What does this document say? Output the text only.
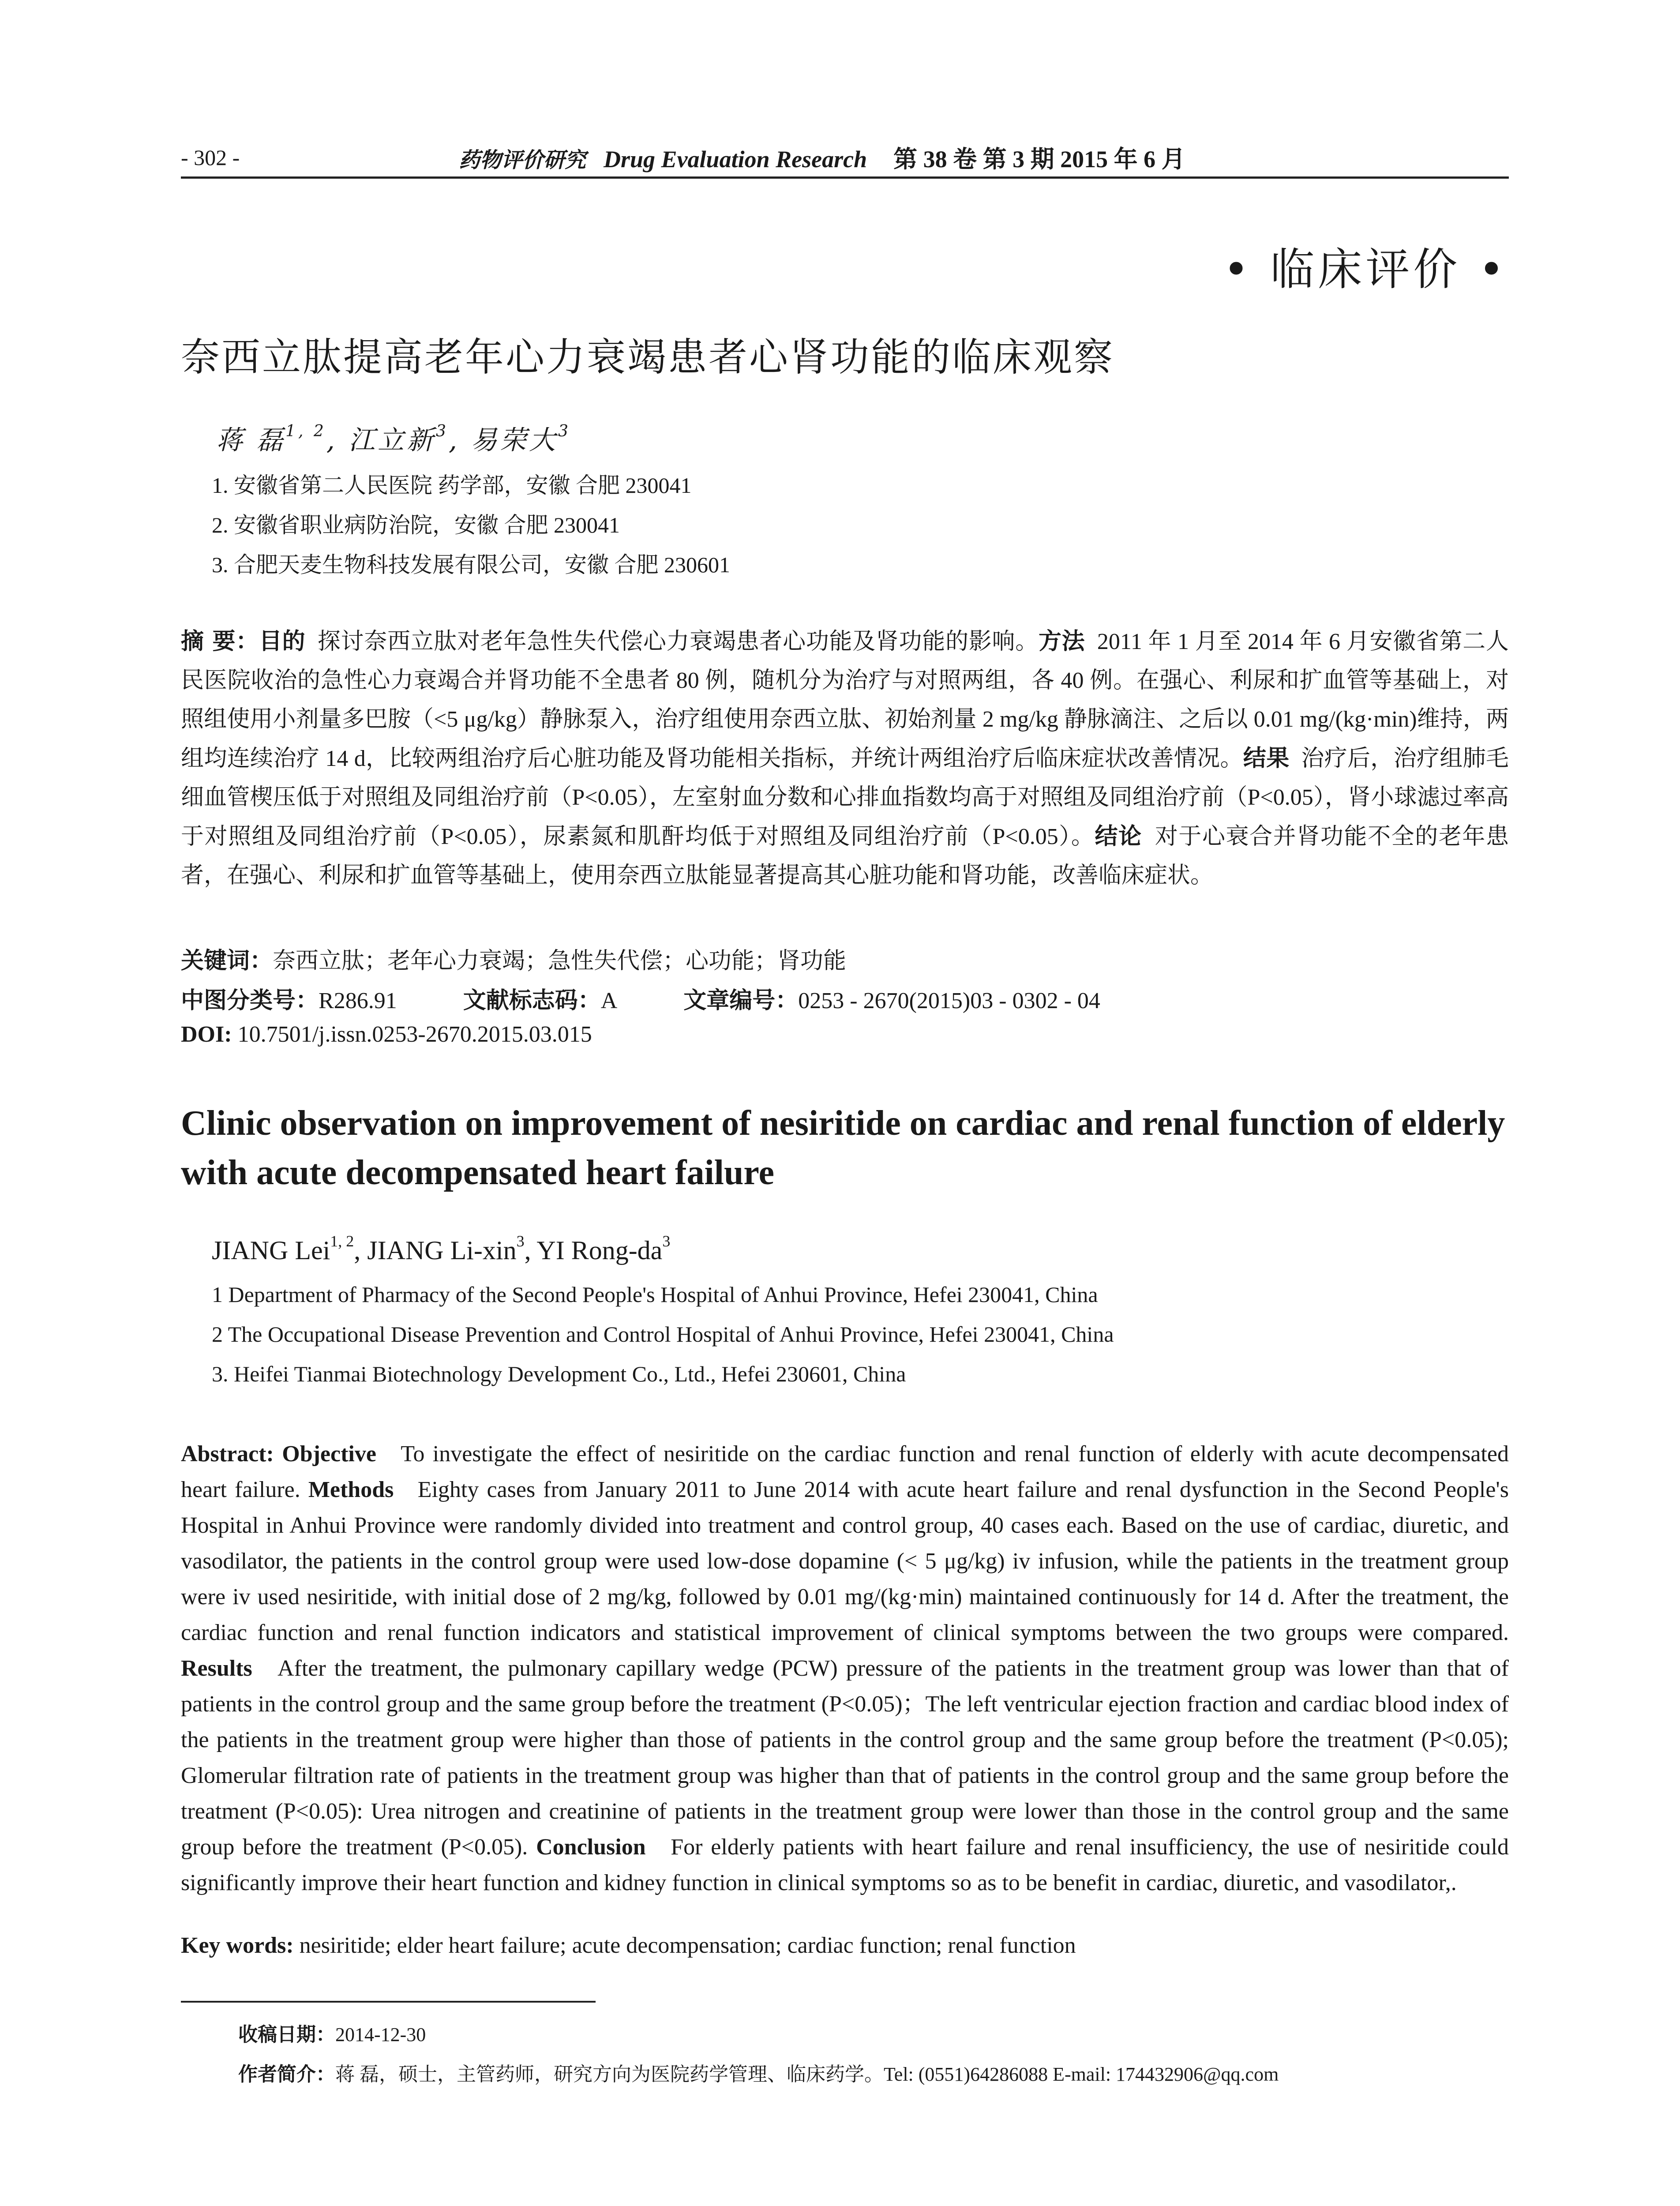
- 302 -	药物评价研究 Drug Evaluation Research 第 38 卷 第 3 期 2015 年 6 月
• 临床评价 •
奈西立肽提高老年心力衰竭患者心肾功能的临床观察
蒋 磊$^{1, 2}$, 江立新$^3$, 易荣大$^3$
1. 安徽省第二人民医院 药学部，安徽 合肥 230041
2. 安徽省职业病防治院，安徽 合肥 230041
3. 合肥天麦生物科技发展有限公司，安徽 合肥 230601
摘 要：目的 探讨奈西立肽对老年急性失代偿心力衰竭患者心功能及肾功能的影响。方法 2011 年 1 月至 2014 年 6 月安徽省第二人民医院收治的急性心力衰竭合并肾功能不全患者 80 例，随机分为治疗与对照两组，各 40 例。在强心、利尿和扩血管等基础上，对照组使用小剂量多巴胺（<5 μg/kg）静脉泵入，治疗组使用奈西立肽、初始剂量 2 mg/kg 静脉滴注、之后以 0.01 mg/(kg·min)维持，两组均连续治疗 14 d，比较两组治疗后心脏功能及肾功能相关指标，并统计两组治疗后临床症状改善情况。结果 治疗后，治疗组肺毛细血管楔压低于对照组及同组治疗前（P<0.05），左室射血分数和心排血指数均高于对照组及同组治疗前（P<0.05），肾小球滤过率高于对照组及同组治疗前（P<0.05），尿素氮和肌酐均低于对照组及同组治疗前（P<0.05）。结论 对于心衰合并肾功能不全的老年患者，在强心、利尿和扩血管等基础上，使用奈西立肽能显著提高其心脏功能和肾功能，改善临床症状。
关键词：奈西立肽；老年心力衰竭；急性失代偿；心功能；肾功能
中图分类号：R286.91	文献标志码：A	文章编号：0253 - 2670(2015)03 - 0302 - 04
DOI: 10.7501/j.issn.0253-2670.2015.03.015
Clinic observation on improvement of nesiritide on cardiac and renal function of elderly with acute decompensated heart failure
JIANG Lei$^{1, 2}$, JIANG Li-xin$^3$, YI Rong-$da^3$
1 Department of Pharmacy of the Second People's Hospital of Anhui Province, Hefei 230041, China
2 The Occupational Disease Prevention and Control Hospital of Anhui Province, Hefei 230041, China
3. Heifei Tianmai Biotechnology Development Co., Ltd., Hefei 230601, China
Abstract: Objective To investigate the effect of nesiritide on the cardiac function and renal function of elderly with acute decompensated heart failure. Methods Eighty cases from January 2011 to June 2014 with acute heart failure and renal dysfunction in the Second People's Hospital in Anhui Province were randomly divided into treatment and control group, 40 cases each. Based on the use of cardiac, diuretic, and vasodilator, the patients in the control group were used low-dose dopamine (< 5 μg/kg) iv infusion, while the patients in the treatment group were iv used nesiritide, with initial dose of 2 mg/kg, followed by 0.01 mg/(kg·min) maintained continuously for 14 d. After the treatment, the cardiac function and renal function indicators and statistical improvement of clinical symptoms between the two groups were compared. Results After the treatment, the pulmonary capillary wedge (PCW) pressure of the patients in the treatment group was lower than that of patients in the control group and the same group before the treatment (P<0.05)；The left ventricular ejection fraction and cardiac blood index of the patients in the treatment group were higher than those of patients in the control group and the same group before the treatment (P<0.05); Glomerular filtration rate of patients in the treatment group was higher than that of patients in the control group and the same group before the treatment (P<0.05): Urea nitrogen and creatinine of patients in the treatment group were lower than those in the control group and the same group before the treatment (P<0.05). Conclusion For elderly patients with heart failure and renal insufficiency, the use of nesiritide could significantly improve their heart function and kidney function in clinical symptoms so as to be benefit in cardiac, diuretic, and vasodilator,.
Key words: nesiritide; elder heart failure; acute decompensation; cardiac function; renal function
收稿日期：2014-12-30
作者简介：蒋 磊，硕士，主管药师，研究方向为医院药学管理、临床药学。Tel: (0551)64286088 E-mail: 174432906@qq.com
